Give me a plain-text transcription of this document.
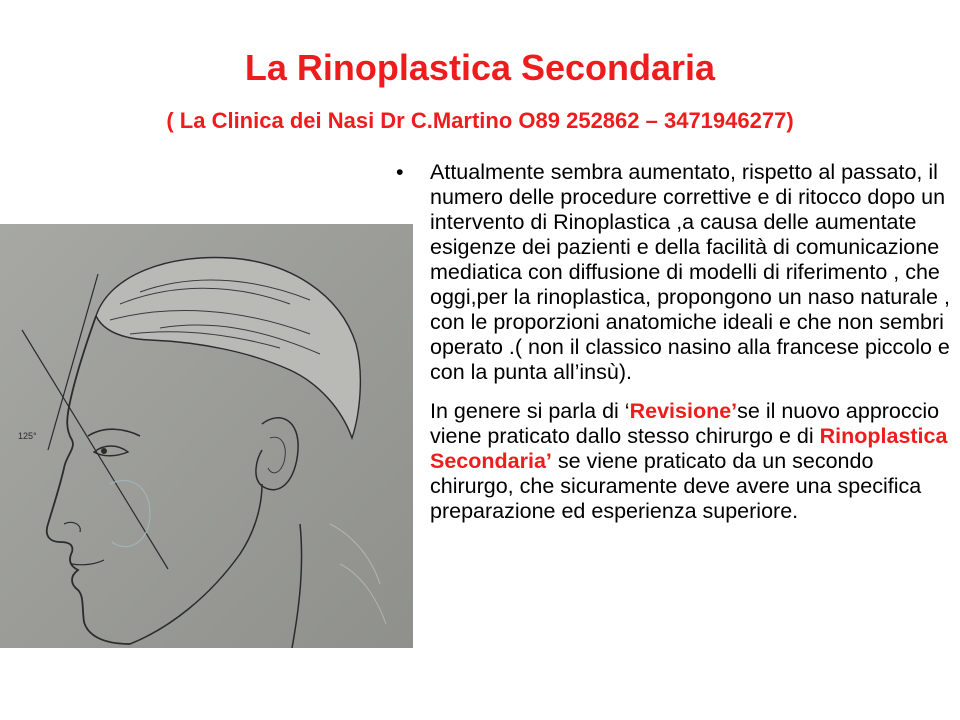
La Rinoplastica Secondaria
( La Clinica dei Nasi Dr C.Martino O89 252862 – 3471946277)
125°
• Attualmente sembra aumentato, rispetto al passato, il numero delle procedure correttive e di ritocco dopo un intervento di Rinoplastica ,a causa delle aumentate esigenze dei pazienti e della facilità di comunicazione mediatica con diffusione di modelli di riferimento , che oggi,per la rinoplastica, propongono un naso naturale , con le proporzioni anatomiche ideali e che non sembri operato .( non il classico nasino alla francese piccolo e con la punta all’insù).
In genere si parla di ‘Revisione’se il nuovo approccio viene praticato dallo stesso chirurgo e di Rinoplastica Secondaria’ se viene praticato da un secondo chirurgo, che sicuramente deve avere una specifica preparazione ed esperienza superiore.
